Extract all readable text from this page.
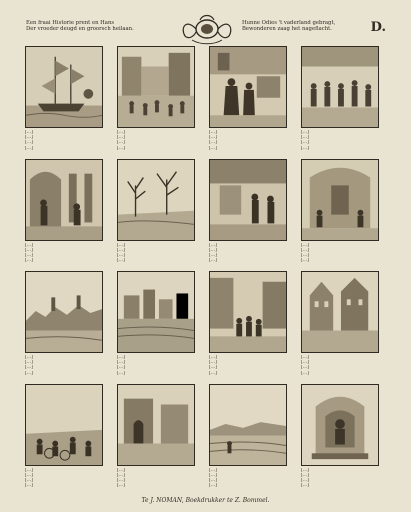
Een fraai Historie prent en Hans
Der vroeder deugd en groorsch heilaan.
Hunne Odies 't vaderland gebragt,
Bewonderen zaag het nageflacht.	D.
[…]
[…]
[…]
[…]
[…]
[…]
[…]
[…]
[…]
[…]
[…]
[…]
[…]
[…]
[…]
[…]
[…]
[…]
[…]
[…]
[…]
[…]
[…]
[…]
[…]
[…]
[…]
[…]
[…]
[…]
[…]
[…]
[…]
[…]
[…]
[…]
[…]
[…]
[…]
[…]
[…]
[…]
[…]
[…]
[…]
[…]
[…]
[…]
[…]
[…]
[…]
[…]
[…]
[…]
[…]
[…]
[…]
[…]
[…]
[…]
[…]
[…]
[…]
[…]
Te J. NOMAN, Boekdrukker te Z. Bommel.
